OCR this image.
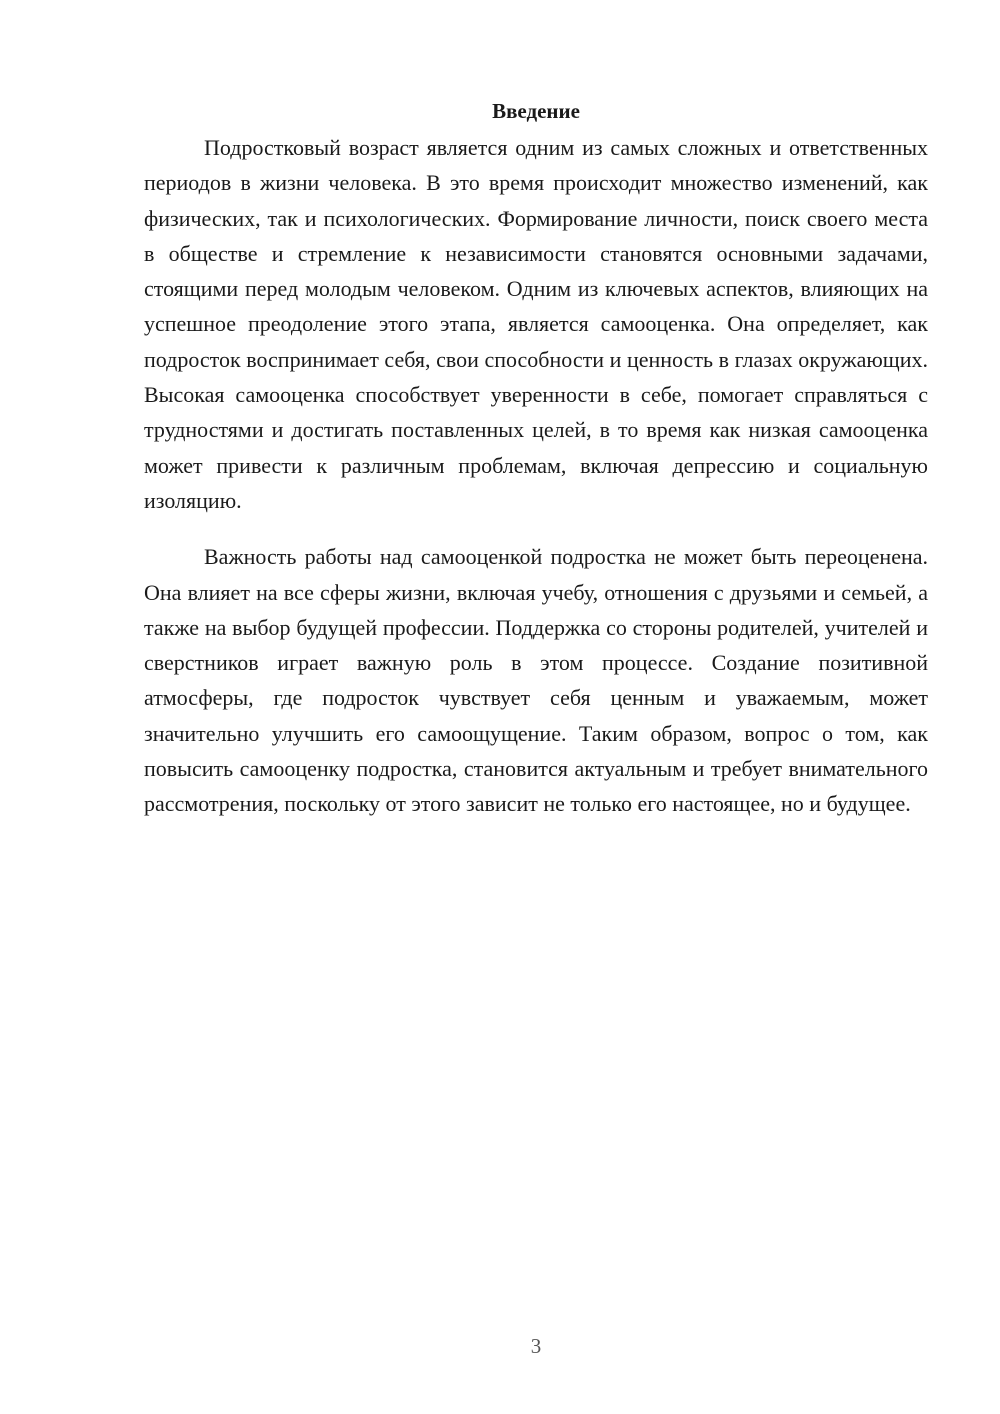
Введение

Подростковый возраст является одним из самых сложных и ответственных периодов в жизни человека. В это время происходит множество изменений, как физических, так и психологических. Формирование личности, поиск своего места в обществе и стремление к независимости становятся основными задачами, стоящими перед молодым человеком. Одним из ключевых аспектов, влияющих на успешное преодоление этого этапа, является самооценка. Она определяет, как подросток воспринимает себя, свои способности и ценность в глазах окружающих. Высокая самооценка способствует уверенности в себе, помогает справляться с трудностями и достигать поставленных целей, в то время как низкая самооценка может привести к различным проблемам, включая депрессию и социальную изоляцию.

Важность работы над самооценкой подростка не может быть переоценена. Она влияет на все сферы жизни, включая учебу, отношения с друзьями и семьей, а также на выбор будущей профессии. Поддержка со стороны родителей, учителей и сверстников играет важную роль в этом процессе. Создание позитивной атмосферы, где подросток чувствует себя ценным и уважаемым, может значительно улучшить его самоощущение. Таким образом, вопрос о том, как повысить самооценку подростка, становится актуальным и требует внимательного рассмотрения, поскольку от этого зависит не только его настоящее, но и будущее.

3
